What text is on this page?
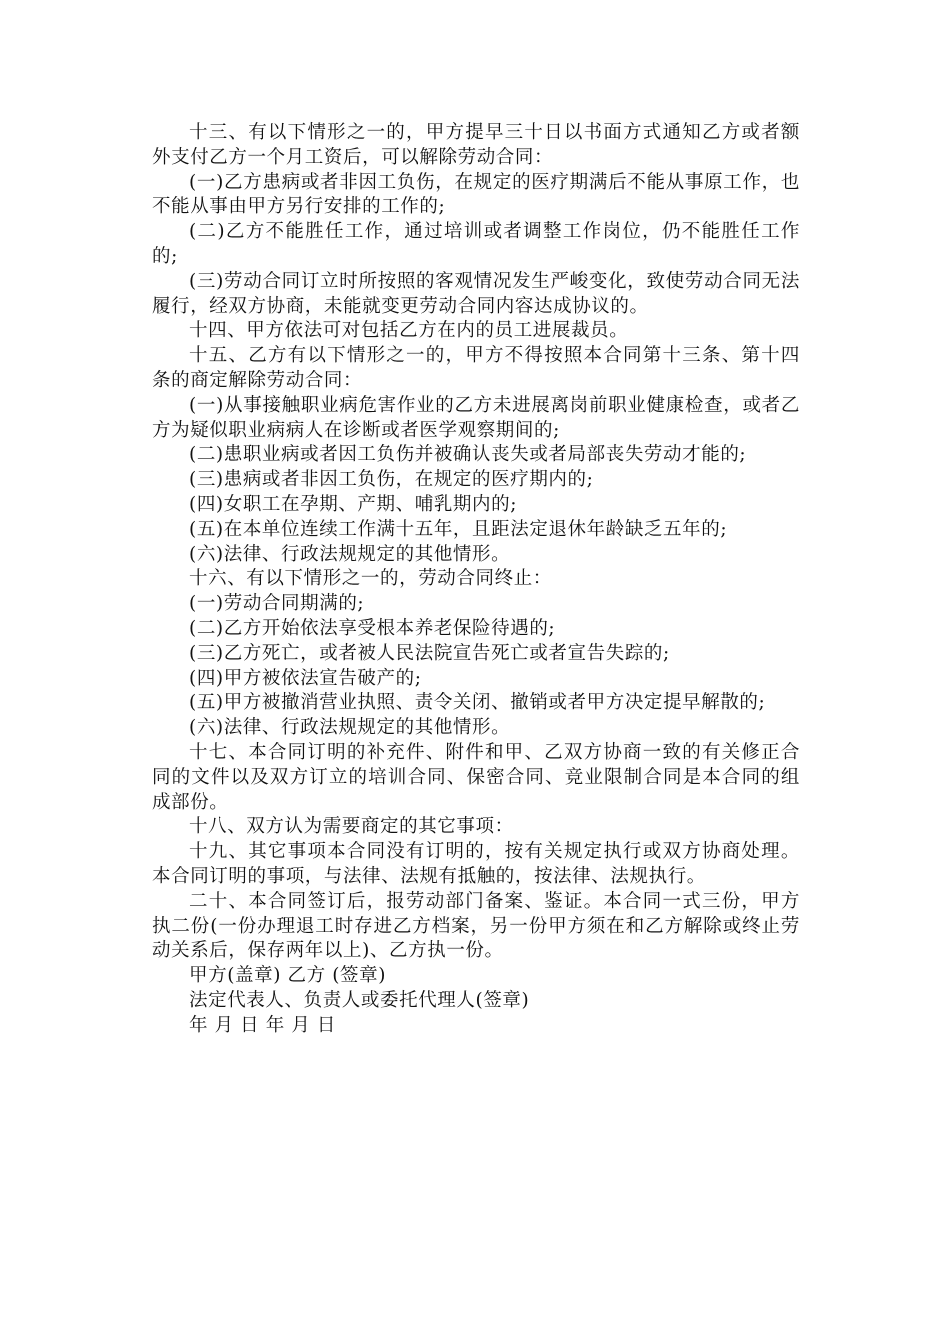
十三、有以下情形之一的，甲方提早三十日以书面方式通知乙方或者额外支付乙方一个月工资后，可以解除劳动合同：

(一)乙方患病或者非因工负伤，在规定的医疗期满后不能从事原工作，也不能从事由甲方另行安排的工作的;

(二)乙方不能胜任工作，通过培训或者调整工作岗位，仍不能胜任工作的;

(三)劳动合同订立时所按照的客观情况发生严峻变化，致使劳动合同无法履行，经双方协商，未能就变更劳动合同内容达成协议的。

十四、甲方依法可对包括乙方在内的员工进展裁员。

十五、乙方有以下情形之一的，甲方不得按照本合同第十三条、第十四条的商定解除劳动合同：

(一)从事接触职业病危害作业的乙方未进展离岗前职业健康检查，或者乙方为疑似职业病病人在诊断或者医学观察期间的;

(二)患职业病或者因工负伤并被确认丧失或者局部丧失劳动才能的;

(三)患病或者非因工负伤，在规定的医疗期内的;

(四)女职工在孕期、产期、哺乳期内的;

(五)在本单位连续工作满十五年，且距法定退休年龄缺乏五年的;

(六)法律、行政法规规定的其他情形。

十六、有以下情形之一的，劳动合同终止：

(一)劳动合同期满的;

(二)乙方开始依法享受根本养老保险待遇的;

(三)乙方死亡，或者被人民法院宣告死亡或者宣告失踪的;

(四)甲方被依法宣告破产的;

(五)甲方被撤消营业执照、责令关闭、撤销或者甲方决定提早解散的;

(六)法律、行政法规规定的其他情形。

十七、本合同订明的补充件、附件和甲、乙双方协商一致的有关修正合同的文件以及双方订立的培训合同、保密合同、竞业限制合同是本合同的组成部份。

十八、双方认为需要商定的其它事项：

十九、其它事项本合同没有订明的，按有关规定执行或双方协商处理。本合同订明的事项，与法律、法规有抵触的，按法律、法规执行。

二十、本合同签订后，报劳动部门备案、鉴证。本合同一式三份，甲方执二份(一份办理退工时存进乙方档案，另一份甲方须在和乙方解除或终止劳动关系后，保存两年以上)、乙方执一份。

甲方(盖章) 乙方 (签章)

法定代表人、负责人或委托代理人(签章)

年 月 日 年 月 日
